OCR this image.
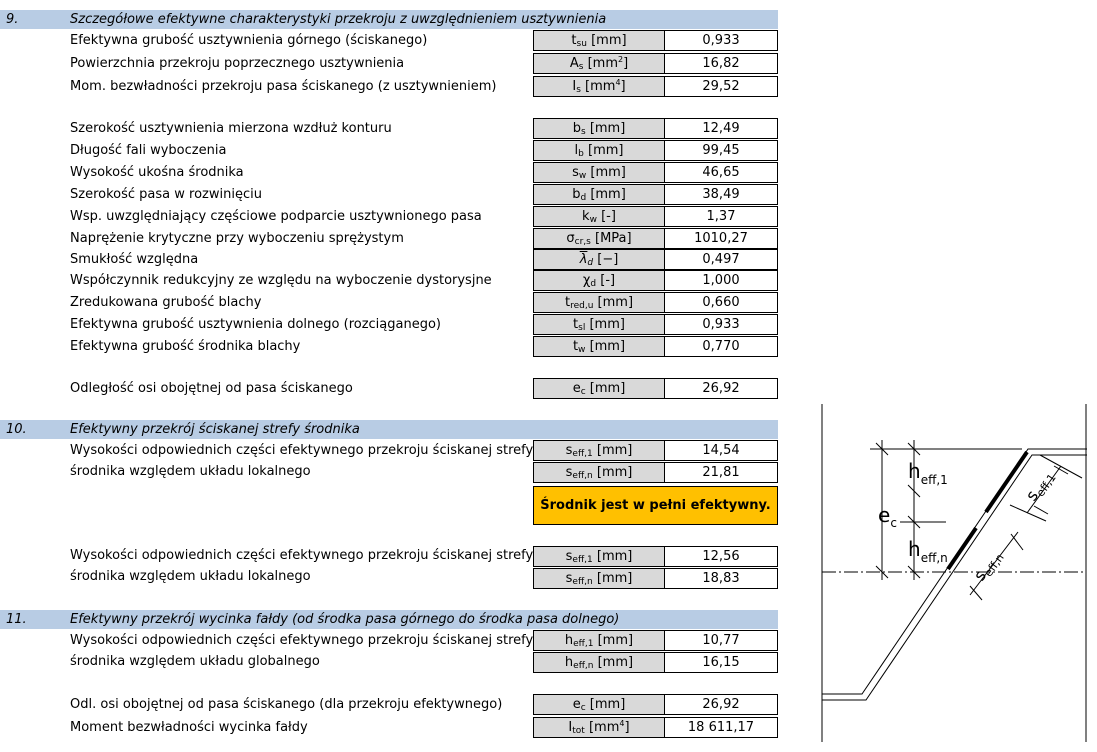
9.	Szczegółowe efektywne charakterystyki przekroju z uwzględnieniem usztywnienia
Efektywna grubość usztywnienia górnego (ściskanego)	$t_{su}$ [mm]	0,933
Powierzchnia przekroju poprzecznego usztywnienia	$A_s$ $[mm^2]$	16,82
Mom. bezwładności przekroju pasa ściskanego (z usztywnieniem)	$I_s$ $[mm^4]$	29,52
Szerokość usztywnienia mierzona wzdłuż konturu	$b_s$ [mm]	12,49
Długość fali wyboczenia	$l_b$ [mm]	99,45
Wysokość ukośna środnika	$s_w$ [mm]	46,65
Szerokość pasa w rozwinięciu	$b_d$ [mm]	38,49
Wsp. uwzględniający częściowe podparcie usztywnionego pasa	$k_w$ [-]	1,37
Naprężenie krytyczne przy wyboczeniu sprężystym	$\sigma_{cr,s}$ [MPa]	1010,27
Smukłość względna	$\overline{\lambda}_d$ [−]	0,497
Współczynnik redukcyjny ze względu na wyboczenie dystorysjne	$\chi_d$ [-]	1,000
Zredukowana grubość blachy	$t_{red,u}$ [mm]	0,660
Efektywna grubość usztywnienia dolnego (rozciąganego)	$t_{sl}$ [mm]	0,933
Efektywna grubość środnika blachy	$t_w$ [mm]	0,770
Odległość osi obojętnej od pasa ściskanego	$e_c$ [mm]	26,92
10.	Efektywny przekrój ściskanej strefy środnika
Wysokości odpowiednich części efektywnego przekroju ściskanej strefy
środnika względem układu lokalnego
$s_{eff,1}$ [mm]	14,54
$s_{eff,n}$ [mm]	21,81
Środnik jest w pełni efektywny.
Wysokości odpowiednich części efektywnego przekroju ściskanej strefy
środnika względem układu lokalnego
$s_{eff,1}$ [mm]	12,56
$s_{eff,n}$ [mm]	18,83
11.	Efektywny przekrój wycinka fałdy (od środka pasa górnego do środka pasa dolnego)
Wysokości odpowiednich części efektywnego przekroju ściskanej strefy
środnika względem układu globalnego
$h_{eff,1}$ [mm]	10,77
$h_{eff,n}$ [mm]	16,15
Odl. osi obojętnej od pasa ściskanego (dla przekroju efektywnego)	$e_c$ [mm]	26,92
Moment bezwładności wycinka fałdy	$I_{tot}$ $[mm^4]$	18 611,17
$h_{eff,1}$
$e_c$
$h_{eff,n}$
$s_{eff,1}$
$s_{eff,n}$
